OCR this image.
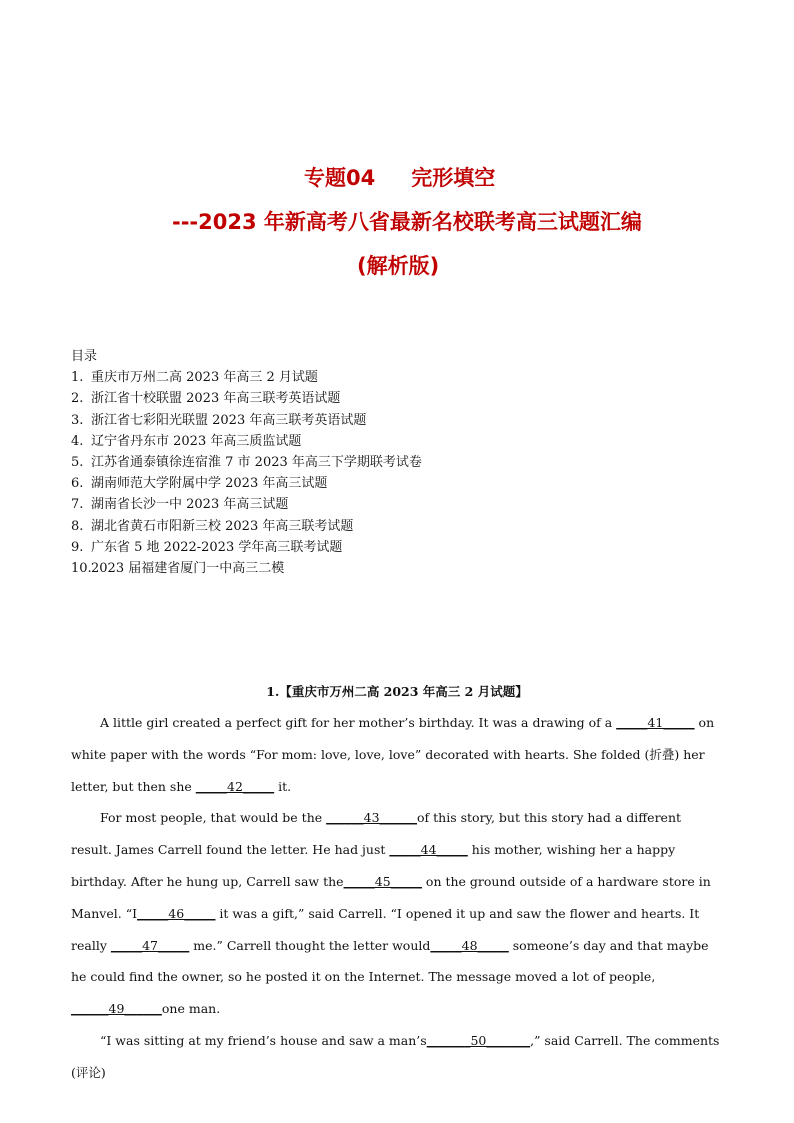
专题04 完形填空
---2023 年新高考八省最新名校联考高三试题汇编
(解析版)
目录
1. 重庆市万州二高 2023 年高三 2 月试题
2. 浙江省十校联盟 2023 年高三联考英语试题
3. 浙江省七彩阳光联盟 2023 年高三联考英语试题
4. 辽宁省丹东市 2023 年高三质监试题
5. 江苏省通泰镇徐连宿淮 7 市 2023 年高三下学期联考试卷
6. 湖南师范大学附属中学 2023 年高三试题
7. 湖南省长沙一中 2023 年高三试题
8. 湖北省黄石市阳新三校 2023 年高三联考试题
9. 广东省 5 地 2022-2023 学年高三联考试题
10.2023 届福建省厦门一中高三二模
1.【重庆市万州二高 2023 年高三 2 月试题】

A little girl created a perfect gift for her mother’s birthday. It was a drawing of a _____41_____ on white paper with the words “For mom: love, love, love” decorated with hearts. She folded (折叠) her letter, but then she _____42_____ it.

For most people, that would be the ______43______of this story, but this story had a different result. James Carrell found the letter. He had just _____44_____ his mother, wishing her a happy birthday. After he hung up, Carrell saw the_____45_____ on the ground outside of a hardware store in Manvel. “I_____46_____ it was a gift,” said Carrell. “I opened it up and saw the flower and hearts. It really _____47_____ me.” Carrell thought the letter would_____48_____ someone’s day and that maybe he could find the owner, so he posted it on the Internet. The message moved a lot of people, ______49______one man.

“I was sitting at my friend’s house and saw a man’s_______50_______,” said Carrell. The comments (评论)
